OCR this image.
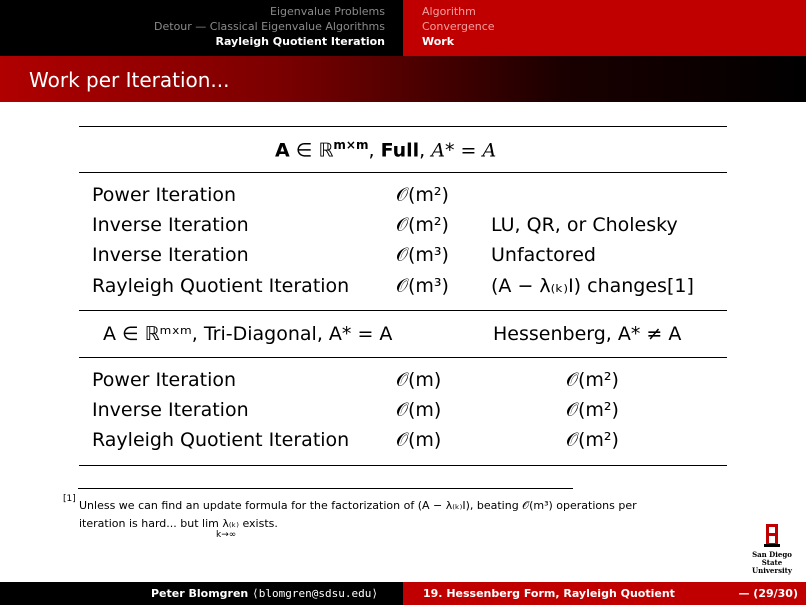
Eigenvalue Problems
Detour — Classical Eigenvalue Algorithms
Rayleigh Quotient Iteration
Algorithm
Convergence
Work
Work per Iteration...
A ∈ ℝ$^{m\times m}$, Full, A* = A
Power Iteration	𝒪(m²)
Inverse Iteration	𝒪(m²) LU, QR, or Cholesky
Inverse Iteration	𝒪(m³) Unfactored
Rayleigh Quotient Iteration 𝒪(m³) (A − λ₍ₖ₎I) changes[1]
A ∈ ℝᵐˣᵐ, Tri-Diagonal, A* = A	Hessenberg, A* ≠ A
Power Iteration	𝒪(m)	𝒪(m²)
Inverse Iteration	𝒪(m)	𝒪(m²)
Rayleigh Quotient Iteration 𝒪(m)	𝒪(m²)
[1] Unless we can find an update formula for the factorization of (A − λ₍ₖ₎I), beating 𝒪(m³) operations per
iteration is hard... but lim λ₍ₖ₎ exists.
k→∞
San Diego State
University
Peter Blomgren ⟨blomgren@sdsu.edu⟩	19. Hessenberg Form, Rayleigh Quotient	— (29/30)
